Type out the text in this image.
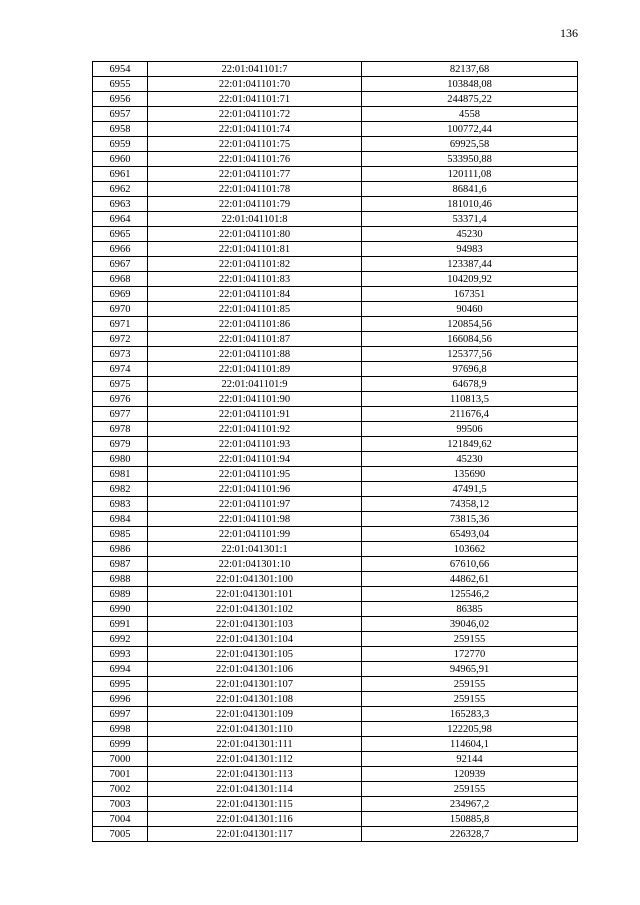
136
6954	22:01:041101:7	82137,68
6955	22:01:041101:70	103848,08
6956	22:01:041101:71	244875,22
6957	22:01:041101:72	4558
6958	22:01:041101:74	100772,44
6959	22:01:041101:75	69925,58
6960	22:01:041101:76	533950,88
6961	22:01:041101:77	120111,08
6962	22:01:041101:78	86841,6
6963	22:01:041101:79	181010,46
6964	22:01:041101:8	53371,4
6965	22:01:041101:80	45230
6966	22:01:041101:81	94983
6967	22:01:041101:82	123387,44
6968	22:01:041101:83	104209,92
6969	22:01:041101:84	167351
6970	22:01:041101:85	90460
6971	22:01:041101:86	120854,56
6972	22:01:041101:87	166084,56
6973	22:01:041101:88	125377,56
6974	22:01:041101:89	97696,8
6975	22:01:041101:9	64678,9
6976	22:01:041101:90	110813,5
6977	22:01:041101:91	211676,4
6978	22:01:041101:92	99506
6979	22:01:041101:93	121849,62
6980	22:01:041101:94	45230
6981	22:01:041101:95	135690
6982	22:01:041101:96	47491,5
6983	22:01:041101:97	74358,12
6984	22:01:041101:98	73815,36
6985	22:01:041101:99	65493,04
6986	22:01:041301:1	103662
6987	22:01:041301:10	67610,66
6988	22:01:041301:100	44862,61
6989	22:01:041301:101	125546,2
6990	22:01:041301:102	86385
6991	22:01:041301:103	39046,02
6992	22:01:041301:104	259155
6993	22:01:041301:105	172770
6994	22:01:041301:106	94965,91
6995	22:01:041301:107	259155
6996	22:01:041301:108	259155
6997	22:01:041301:109	165283,3
6998	22:01:041301:110	122205,98
6999	22:01:041301:111	114604,1
7000	22:01:041301:112	92144
7001	22:01:041301:113	120939
7002	22:01:041301:114	259155
7003	22:01:041301:115	234967,2
7004	22:01:041301:116	150885,8
7005	22:01:041301:117	226328,7
